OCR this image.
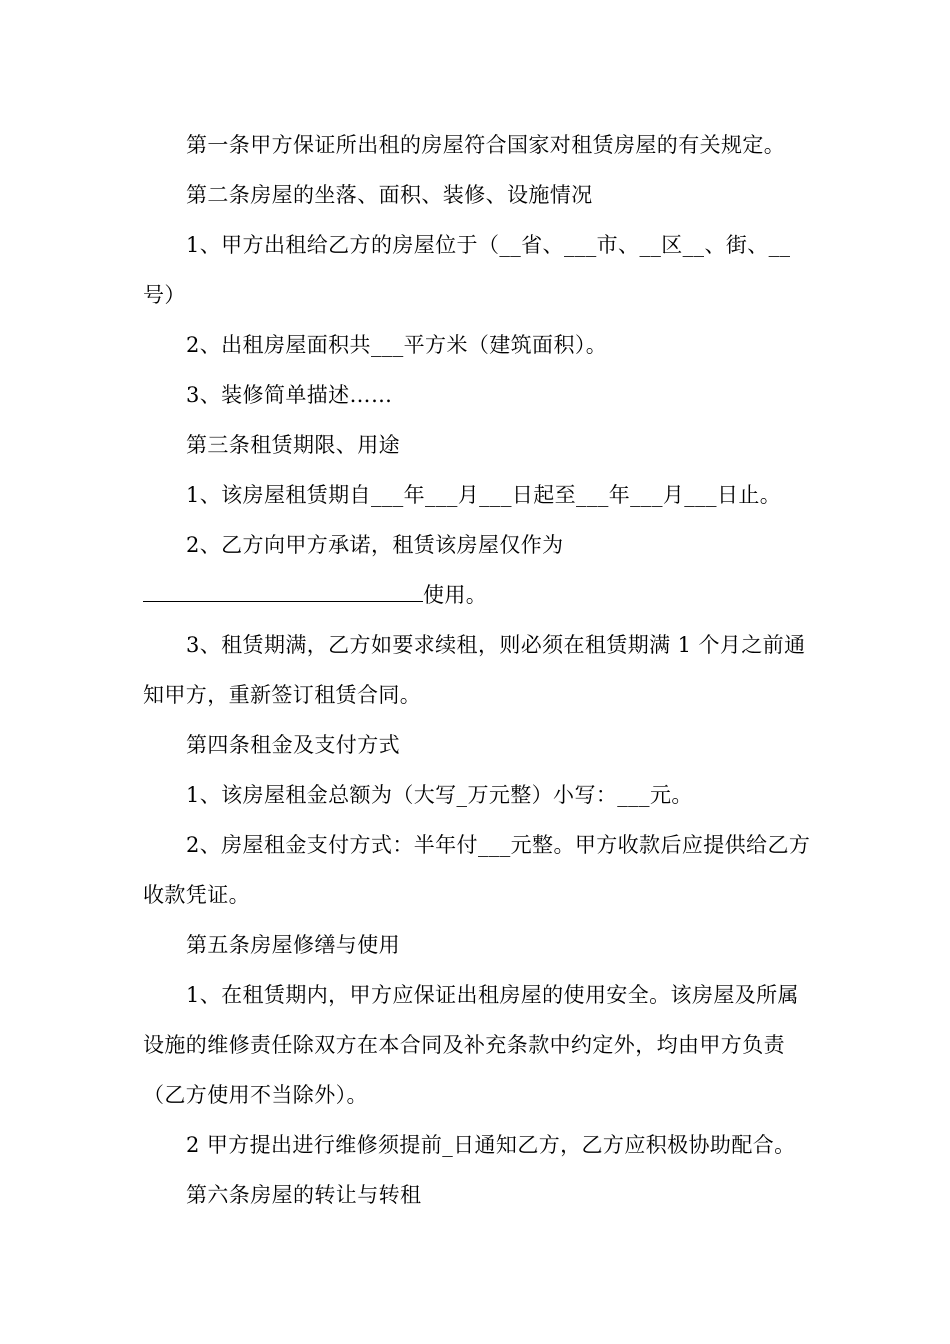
第一条甲方保证所出租的房屋符合国家对租赁房屋的有关规定。

第二条房屋的坐落、面积、装修、设施情况

1、甲方出租给乙方的房屋位于（__省、___市、__区__、街、__

号）

2、出租房屋面积共___平方米（建筑面积）。

3、装修简单描述……

第三条租赁期限、用途

1、该房屋租赁期自___年___月___日起至___年___月___日止。

2、乙方向甲方承诺，租赁该房屋仅作为

使用。

3、租赁期满，乙方如要求续租，则必须在租赁期满 1 个月之前通

知甲方，重新签订租赁合同。

第四条租金及支付方式

1、该房屋租金总额为（大写_万元整）小写：___元。

2、房屋租金支付方式：半年付___元整。甲方收款后应提供给乙方

收款凭证。

第五条房屋修缮与使用

1、在租赁期内，甲方应保证出租房屋的使用安全。该房屋及所属

设施的维修责任除双方在本合同及补充条款中约定外，均由甲方负责

（乙方使用不当除外）。

2 甲方提出进行维修须提前_日通知乙方，乙方应积极协助配合。

第六条房屋的转让与转租
